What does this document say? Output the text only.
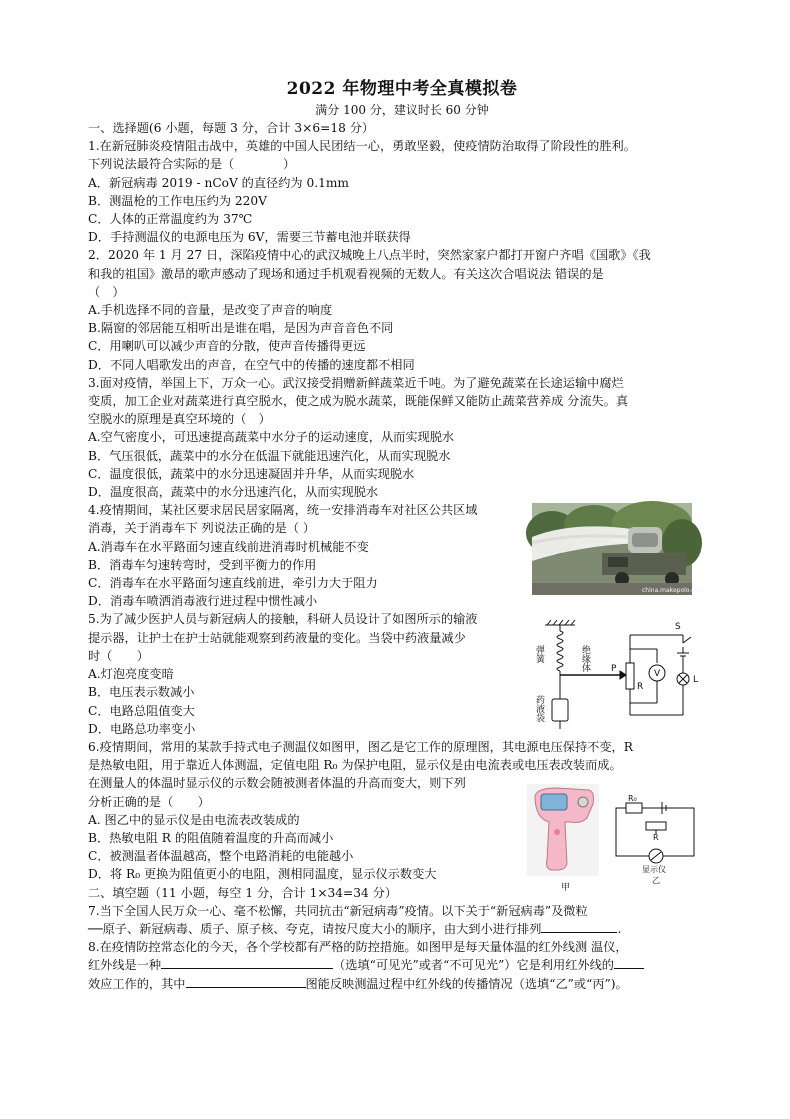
2022 年物理中考全真模拟卷
满分 100 分，建议时长 60 分钟
一、选择题(6 小题，每题 3 分，合计 3×6=18 分）
1.在新冠肺炎疫情阻击战中，英雄的中国人民团结一心，勇敢坚毅，使疫情防治取得了阶段性的胜利。
下列说法最符合实际的是（　　　　）
A．新冠病毒 2019 - nCoV 的直径约为 0.1mm
B．测温枪的工作电压约为 220V
C．人体的正常温度约为 37℃
D．手持测温仪的电源电压为 6V，需要三节蓄电池并联获得
2．2020 年 1 月 27 日，深陷疫情中心的武汉城晚上八点半时，突然家家户都打开窗户齐唱《国歌》《我
和我的祖国》激昂的歌声感动了现场和通过手机观看视频的无数人。有关这次合唱说法 错误的是
（　）
A.手机选择不同的音量，是改变了声音的响度
B.隔窗的邻居能互相听出是谁在唱，是因为声音音色不同
C．用喇叭可以减少声音的分散，使声音传播得更远
D．不同人唱歌发出的声音，在空气中的传播的速度都不相同
3.面对疫情，举国上下，万众一心。武汉接受捐赠新鲜蔬菜近千吨。为了避免蔬菜在长途运输中腐烂
变质，加工企业对蔬菜进行真空脱水，使之成为脱水蔬菜，既能保鲜又能防止蔬菜营养成 分流失。真
空脱水的原理是真空环境的（　）
A.空气密度小，可迅速提高蔬菜中水分子的运动速度，从而实现脱水
B．气压很低，蔬菜中的水分在低温下就能迅速汽化，从而实现脱水
C．温度很低，蔬菜中的水分迅速凝固并升华，从而实现脱水
D．温度很高，蔬菜中的水分迅速汽化，从而实现脱水
4.疫情期间，某社区要求居民居家隔离，统一安排消毒车对社区公共区域
消毒，关于消毒车下 列说法正确的是（ ）
A.消毒车在水平路面匀速直线前进消毒时机械能不变
B．消毒车匀速转弯时，受到平衡力的作用
C．消毒车在水平路面匀速直线前进，牵引力大于阻力
D．消毒车喷洒消毒液行进过程中惯性减小
5.为了减少医护人员与新冠病人的接触，科研人员设计了如图所示的输液
提示器，让护士在护士站就能观察到药液量的变化。当袋中药液量减少
时（　　）
A.灯泡亮度变暗
B．电压表示数减小
C．电路总阻值变大
D．电路总功率变小
6.疫情期间，常用的某款手持式电子测温仪如图甲，图乙是它工作的原理图，其电源电压保持不变，R
是热敏电阻，用于靠近人体测温，定值电阻 R₀ 为保护电阻，显示仪是由电流表或电压表改装而成。
在测量人的体温时显示仪的示数会随被测者体温的升高而变大，则下列
分析正确的是（　　）
A. 图乙中的显示仪是由电流表改装成的
B．热敏电阻 R 的阻值随着温度的升高而减小
C．被测温者体温越高，整个电路消耗的电能越小
D．将 R₀ 更换为阻值更小的电阻，测相同温度，显示仪示数变大
二、填空题（11 小题，每空 1 分，合计 1×34=34 分）
7.当下全国人民万众一心、毫不松懈，共同抗击“新冠病毒”疫情。以下关于“新冠病毒”及微粒
──原子、新冠病毒、质子、原子核、夸克，请按尺度大小的顺序，由大到小进行排列	.
8.在疫情防控常态化的今天，各个学校都有严格的防控措施。如图甲是每天量体温的红外线测 温仪，
红外线是一种	（选填“可见光”或者“不可见光”）它是利用红外线的
效应工作的，其中	图能反映测温过程中红外线的传播情况（选填“乙”或“丙”)。
china.makepolo.com
弹簧
药液袋
绝缘体
S
P
R
V
L
甲
R₀
R
显示仪
乙
